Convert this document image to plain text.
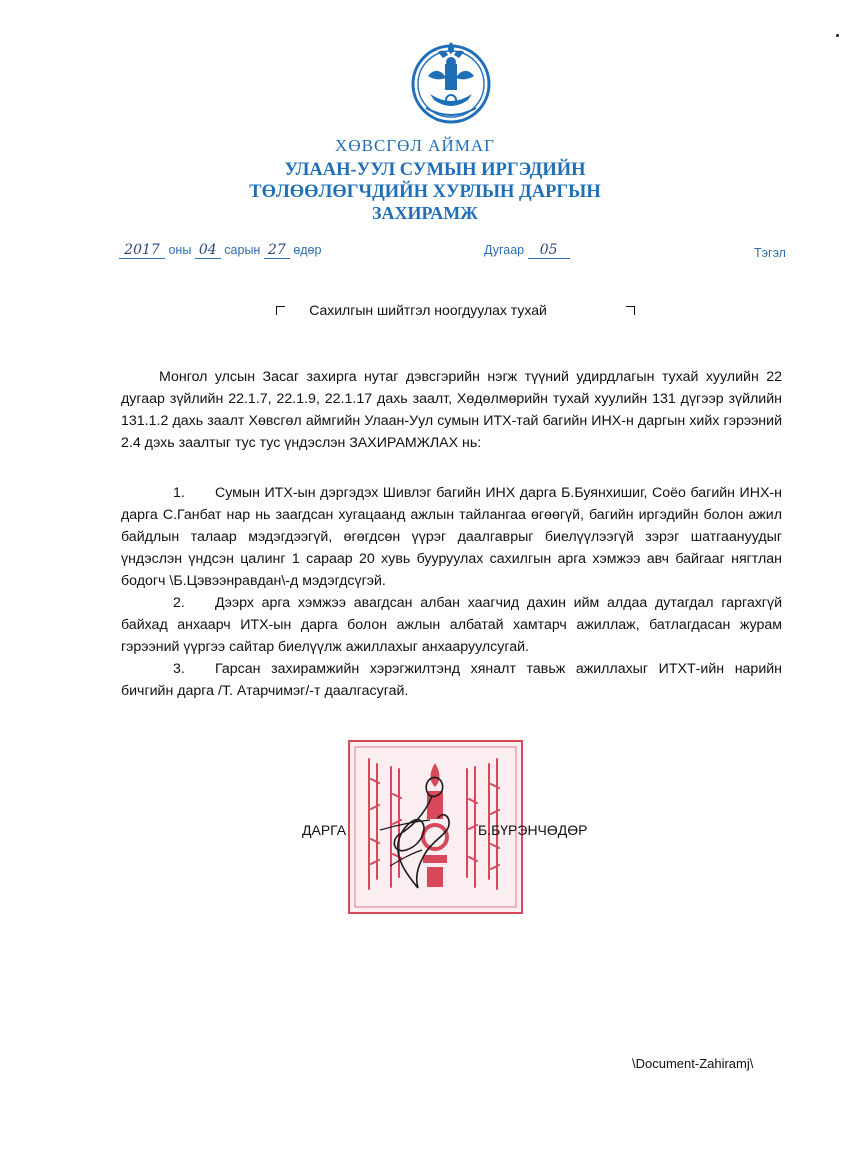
ХӨВСГӨЛ АЙМАГ
УЛААН-УУЛ СУМЫН ИРГЭДИЙН
ТӨЛӨӨЛӨГЧДИЙН ХУРЛЫН ДАРГЫН
ЗАХИРАМЖ
2017 оны 04 сарын 27 өдөр	Дугаар 05	Тэгэл
Сахилгын шийтгэл ноогдуулах тухай

Монгол улсын Засаг захирга нутаг дэвсгэрийн нэгж түүний удирдлагын тухай хуулийн 22 дугаар зүйлийн 22.1.7, 22.1.9, 22.1.17 дахь заалт, Хөдөлмөрийн тухай хуулийн 131 дүгээр зүйлийн 131.1.2 дахь заалт Хөвсгөл аймгийн Улаан-Уул сумын ИТХ-тай багийн ИНХ-н даргын хийх гэрээний 2.4 дэхь заалтыг тус тус үндэслэн ЗАХИРАМЖЛАХ нь:

1. Сумын ИТХ-ын дэргэдэх Шивлэг багийн ИНХ дарга Б.Буянхишиг, Соёо багийн ИНХ-н дарга С.Ганбат нар нь заагдсан хугацаанд ажлын тайлангаа өгөөгүй, багийн иргэдийн болон ажил байдлын талаар мэдэгдээгүй, өгөгдсөн үүрэг даалгаврыг биелүүлээгүй зэрэг шатгаануудыг үндэслэн үндсэн цалинг 1 сараар 20 хувь бууруулах сахилгын арга хэмжээ авч байгааг нягтлан бодогч \Б.Цэвээнравдан\-д мэдэгдсүгэй.

2. Дээрх арга хэмжээ авагдсан албан хаагчид дахин ийм алдаа дутагдал гаргахгүй байхад анхаарч ИТХ-ын дарга болон ажлын албатай хамтарч ажиллаж, батлагдасан журам гэрээний үүргээ сайтар биелүүлж ажиллахыг анхааруулсугай.

3. Гарсан захирамжийн хэрэгжилтэнд хяналт тавьж ажиллахыг ИТХТ-ийн нарийн бичгийн дарга /Т. Атарчимэг/-т даалгасугай.

ДАРГА	Б.БҮРЭНЧӨДӨР
\Document-Zahiramj\
